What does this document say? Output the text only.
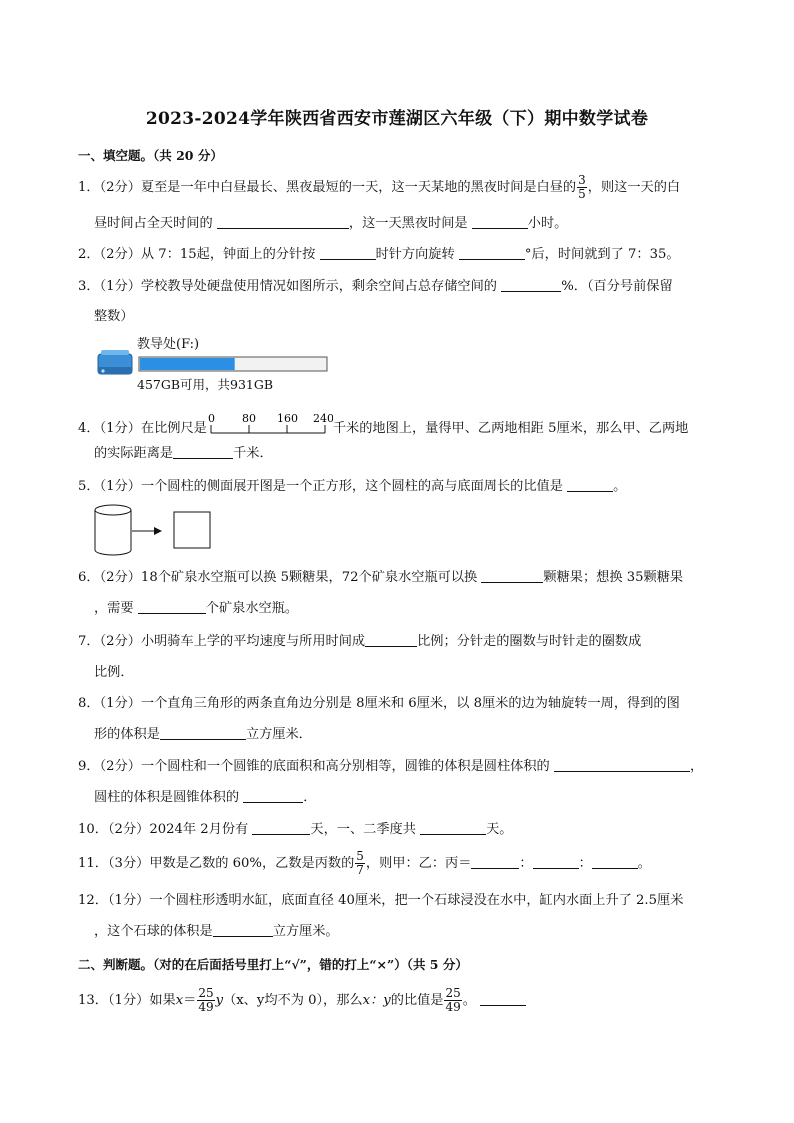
2023-2024学年陕西省西安市莲湖区六年级（下）期中数学试卷
一、填空题。（共 20 分）
1．（2分）夏至是一年中白昼最长、黑夜最短的一天，这一天某地的黑夜时间是白昼的 $\frac{3}{5}$ ，则这一天的白
昼时间占全天时间的	，这一天黑夜时间是	小时。
2．（2分）从 7：15起，钟面上的分针按	时针方向旋转	°后，时间就到了 7：35。
3．（1分）学校教导处硬盘使用情况如图所示，剩余空间占总存储空间的	%．（百分号前保留
整数）
教导处(F:)
457GB可用，共931GB
4．（1分）在比例尺是
0 80 160 240
千米的地图上，量得甲、乙两地相距 5厘米，那么甲、乙两地
的实际距离是	千米．
5．（1分）一个圆柱的侧面展开图是一个正方形，这个圆柱的高与底面周长的比值是	。
6．（2分）18个矿泉水空瓶可以换 5颗糖果，72个矿泉水空瓶可以换	颗糖果；想换 35颗糖果
，需要	个矿泉水空瓶。
7．（2分）小明骑车上学的平均速度与所用时间成	比例；分针走的圈数与时针走的圈数成
比例．
8．（1分）一个直角三角形的两条直角边分别是 8厘米和 6厘米，以 8厘米的边为轴旋转一周，得到的图
形的体积是	立方厘米．
9．（2分）一个圆柱和一个圆锥的底面积和高分别相等，圆锥的体积是圆柱体积的	，
圆柱的体积是圆锥体积的	．
10．（2分）2024年 2月份有	天，一、二季度共	天。
11．（3分）甲数是乙数的 60%，乙数是丙数的 $\frac{5}{7}$ ，则甲：乙：丙＝	：	：	。
12．（1分）一个圆柱形透明水缸，底面直径 40厘米，把一个石球浸没在水中，缸内水面上升了 2.5厘米
，这个石球的体积是	立方厘米。
二、判断题。（对的在后面括号里打上“√”，错的打上“×”）（共 5 分）
13．（1分）如果$x= \frac{25}{49} y(x$、y均不为 0），那么x：y的比值是 $\frac{25}{49}$ 。
